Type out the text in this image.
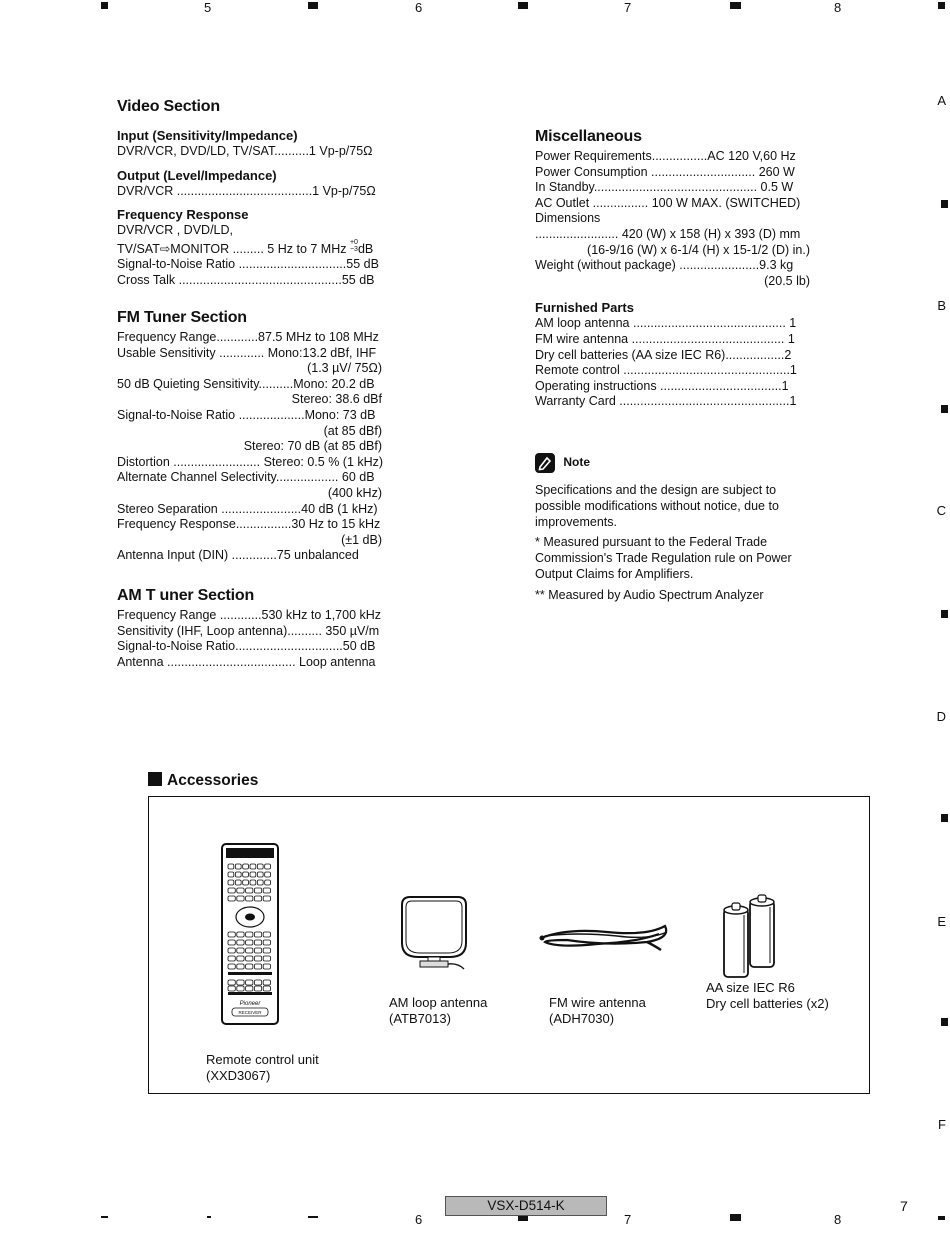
5	6	7	8
A
B
C
D
E
F
Video Section
Input (Sensitivity/Impedance)
DVR/VCR, DVD/LD, TV/SAT..........1 Vp-p/75Ω
Output (Level/Impedance)
DVR/VCR .......................................1 Vp-p/75Ω
Frequency Response
DVR/VCR , DVD/LD,
TV/SAT⇨MONITOR ......... 5 Hz to 7 MHz +0
−3 dB
Signal-to-Noise Ratio ...............................55 dB
Cross Talk ...............................................55 dB
FM Tuner Section
Frequency Range............87.5 MHz to 108 MHz
Usable Sensitivity ............. Mono:13.2 dBf, IHF
(1.3 µV/ 75Ω)
50 dB Quieting Sensitivity..........Mono: 20.2 dB
Stereo: 38.6 dBf
Signal-to-Noise Ratio ...................Mono: 73 dB
(at 85 dBf)
Stereo: 70 dB (at 85 dBf)
Distortion ......................... Stereo: 0.5 % (1 kHz)
Alternate Channel Selectivity.................. 60 dB
(400 kHz)
Stereo Separation .......................40 dB (1 kHz)
Frequency Response................30 Hz to 15 kHz
(±1 dB)
Antenna Input (DIN) .............75 unbalanced
AM T uner Section
Frequency Range ............530 kHz to 1,700 kHz
Sensitivity (IHF, Loop antenna).......... 350 µV/m
Signal-to-Noise Ratio...............................50 dB
Antenna ..................................... Loop antenna
Miscellaneous
Power Requirements................AC 120 V,60 Hz
Power Consumption .............................. 260 W
In Standby............................................... 0.5 W
AC Outlet ................ 100 W MAX. (SWITCHED)
Dimensions
........................ 420 (W) x 158 (H) x 393 (D) mm
(16-9/16 (W) x 6-1/4 (H) x 15-1/2 (D) in.)
Weight (without package) .......................9.3 kg
(20.5 lb)
Furnished Parts
AM loop antenna ............................................ 1
FM wire antenna ............................................ 1
Dry cell batteries (AA size IEC R6).................2
Remote control ................................................1
Operating instructions ...................................1
Warranty Card .................................................1
Note
Specifications and the design are subject to possible modifications without notice, due to improvements.
* Measured pursuant to the Federal Trade Commission's Trade Regulation rule on Power Output Claims for Amplifiers.
** Measured by Audio Spectrum Analyzer
Accessories
Pioneer
RECEIVER
Remote control unit
(XXD3067)
AM loop antenna
(ATB7013)
FM wire antenna
(ADH7030)
AA size IEC R6
Dry cell batteries (x2)
6	7	8
VSX-D514-K	7
